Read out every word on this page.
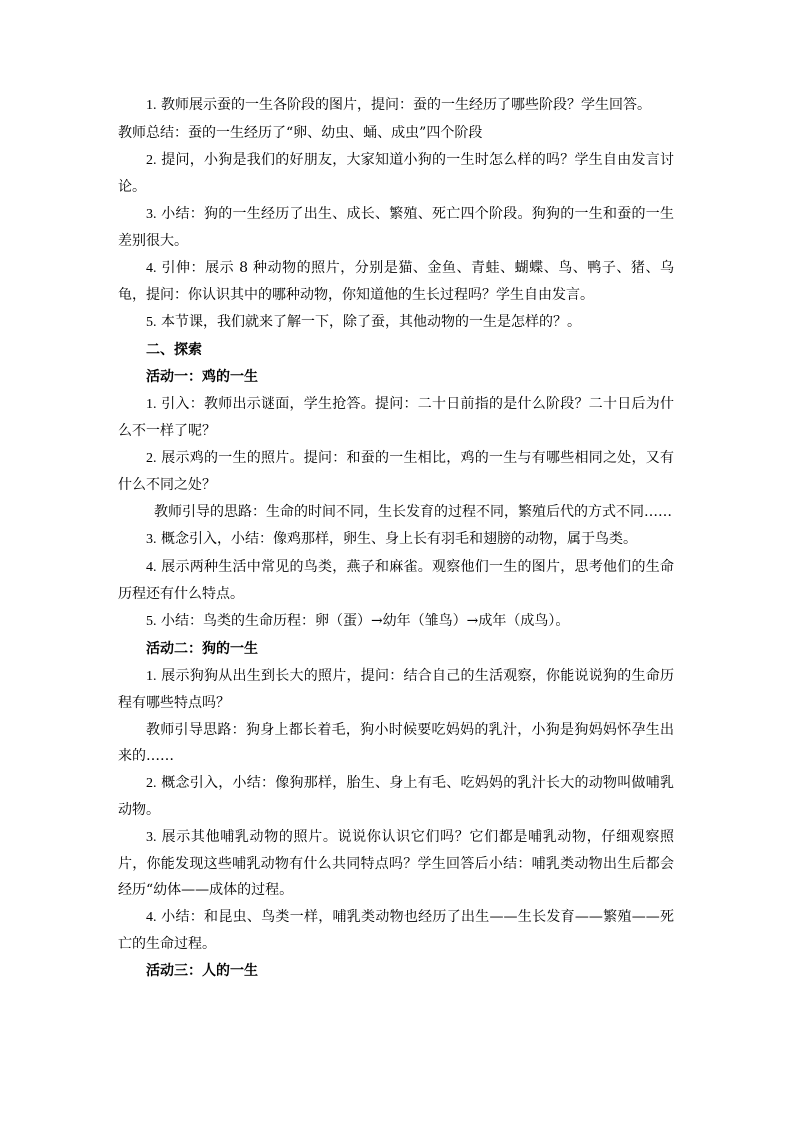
1. 教师展示蚕的一生各阶段的图片，提问：蚕的一生经历了哪些阶段？学生回答。

教师总结：蚕的一生经历了“卵、幼虫、蛹、成虫”四个阶段

2. 提问，小狗是我们的好朋友，大家知道小狗的一生时怎么样的吗？学生自由发言讨论。

3. 小结：狗的一生经历了出生、成长、繁殖、死亡四个阶段。狗狗的一生和蚕的一生差别很大。

4. 引伸：展示 8 种动物的照片，分别是猫、金鱼、青蛙、蝴蝶、鸟、鸭子、猪、乌龟，提问：你认识其中的哪种动物，你知道他的生长过程吗？学生自由发言。

5. 本节课，我们就来了解一下，除了蚕，其他动物的一生是怎样的？。

二、探索

活动一：鸡的一生

1. 引入：教师出示谜面，学生抢答。提问：二十日前指的是什么阶段？二十日后为什么不一样了呢？

2. 展示鸡的一生的照片。提问：和蚕的一生相比，鸡的一生与有哪些相同之处，又有什么不同之处？

教师引导的思路：生命的时间不同，生长发育的过程不同，繁殖后代的方式不同……

3. 概念引入，小结：像鸡那样，卵生、身上长有羽毛和翅膀的动物，属于鸟类。

4. 展示两种生活中常见的鸟类，燕子和麻雀。观察他们一生的图片，思考他们的生命历程还有什么特点。

5. 小结：鸟类的生命历程：卵（蛋）→幼年（雏鸟）→成年（成鸟）。

活动二：狗的一生

1. 展示狗狗从出生到长大的照片，提问：结合自己的生活观察，你能说说狗的生命历程有哪些特点吗？

教师引导思路：狗身上都长着毛，狗小时候要吃妈妈的乳汁，小狗是狗妈妈怀孕生出来的……

2. 概念引入，小结：像狗那样，胎生、身上有毛、吃妈妈的乳汁长大的动物叫做哺乳动物。

3. 展示其他哺乳动物的照片。说说你认识它们吗？它们都是哺乳动物，仔细观察照片，你能发现这些哺乳动物有什么共同特点吗？学生回答后小结：哺乳类动物出生后都会经历“幼体——成体的过程。

4. 小结：和昆虫、鸟类一样，哺乳类动物也经历了出生——生长发育——繁殖——死亡的生命过程。

活动三：人的一生
